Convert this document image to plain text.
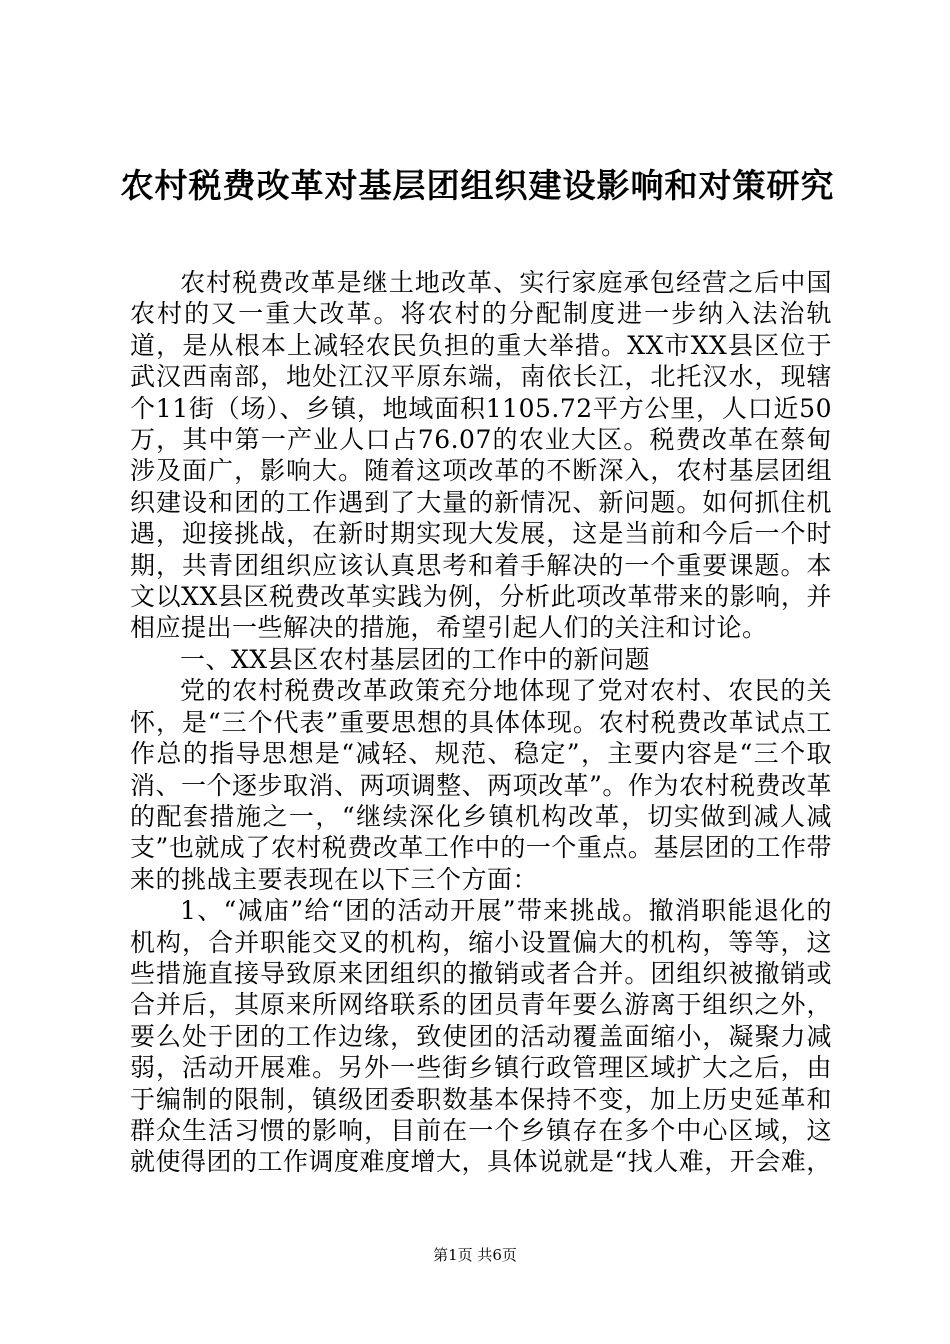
农村税费改革对基层团组织建设影响和对策研究

农村税费改革是继土地改革、实行家庭承包经营之后中国农村的又一重大改革。将农村的分配制度进一步纳入法治轨道，是从根本上减轻农民负担的重大举措。XX市XX县区位于武汉西南部，地处江汉平原东端，南依长江，北托汉水，现辖个11街（场）、乡镇，地域面积1105.72平方公里，人口近50万，其中第一产业人口占76.07的农业大区。税费改革在蔡甸涉及面广，影响大。随着这项改革的不断深入，农村基层团组织建设和团的工作遇到了大量的新情况、新问题。如何抓住机遇，迎接挑战，在新时期实现大发展，这是当前和今后一个时期，共青团组织应该认真思考和着手解决的一个重要课题。本文以XX县区税费改革实践为例，分析此项改革带来的影响，并相应提出一些解决的措施，希望引起人们的关注和讨论。

一、XX县区农村基层团的工作中的新问题

党的农村税费改革政策充分地体现了党对农村、农民的关怀，是“三个代表”重要思想的具体体现。农村税费改革试点工作总的指导思想是“减轻、规范、稳定”，主要内容是“三个取消、一个逐步取消、两项调整、两项改革”。作为农村税费改革的配套措施之一，“继续深化乡镇机构改革，切实做到减人减支”也就成了农村税费改革工作中的一个重点。基层团的工作带来的挑战主要表现在以下三个方面：

1、“减庙”给“团的活动开展”带来挑战。撤消职能退化的机构，合并职能交叉的机构，缩小设置偏大的机构，等等，这些措施直接导致原来团组织的撤销或者合并。团组织被撤销或合并后，其原来所网络联系的团员青年要么游离于组织之外，要么处于团的工作边缘，致使团的活动覆盖面缩小，凝聚力减弱，活动开展难。另外一些街乡镇行政管理区域扩大之后，由于编制的限制，镇级团委职数基本保持不变，加上历史延革和群众生活习惯的影响，目前在一个乡镇存在多个中心区域，这就使得团的工作调度难度增大，具体说就是“找人难，开会难，

第1页 共6页
